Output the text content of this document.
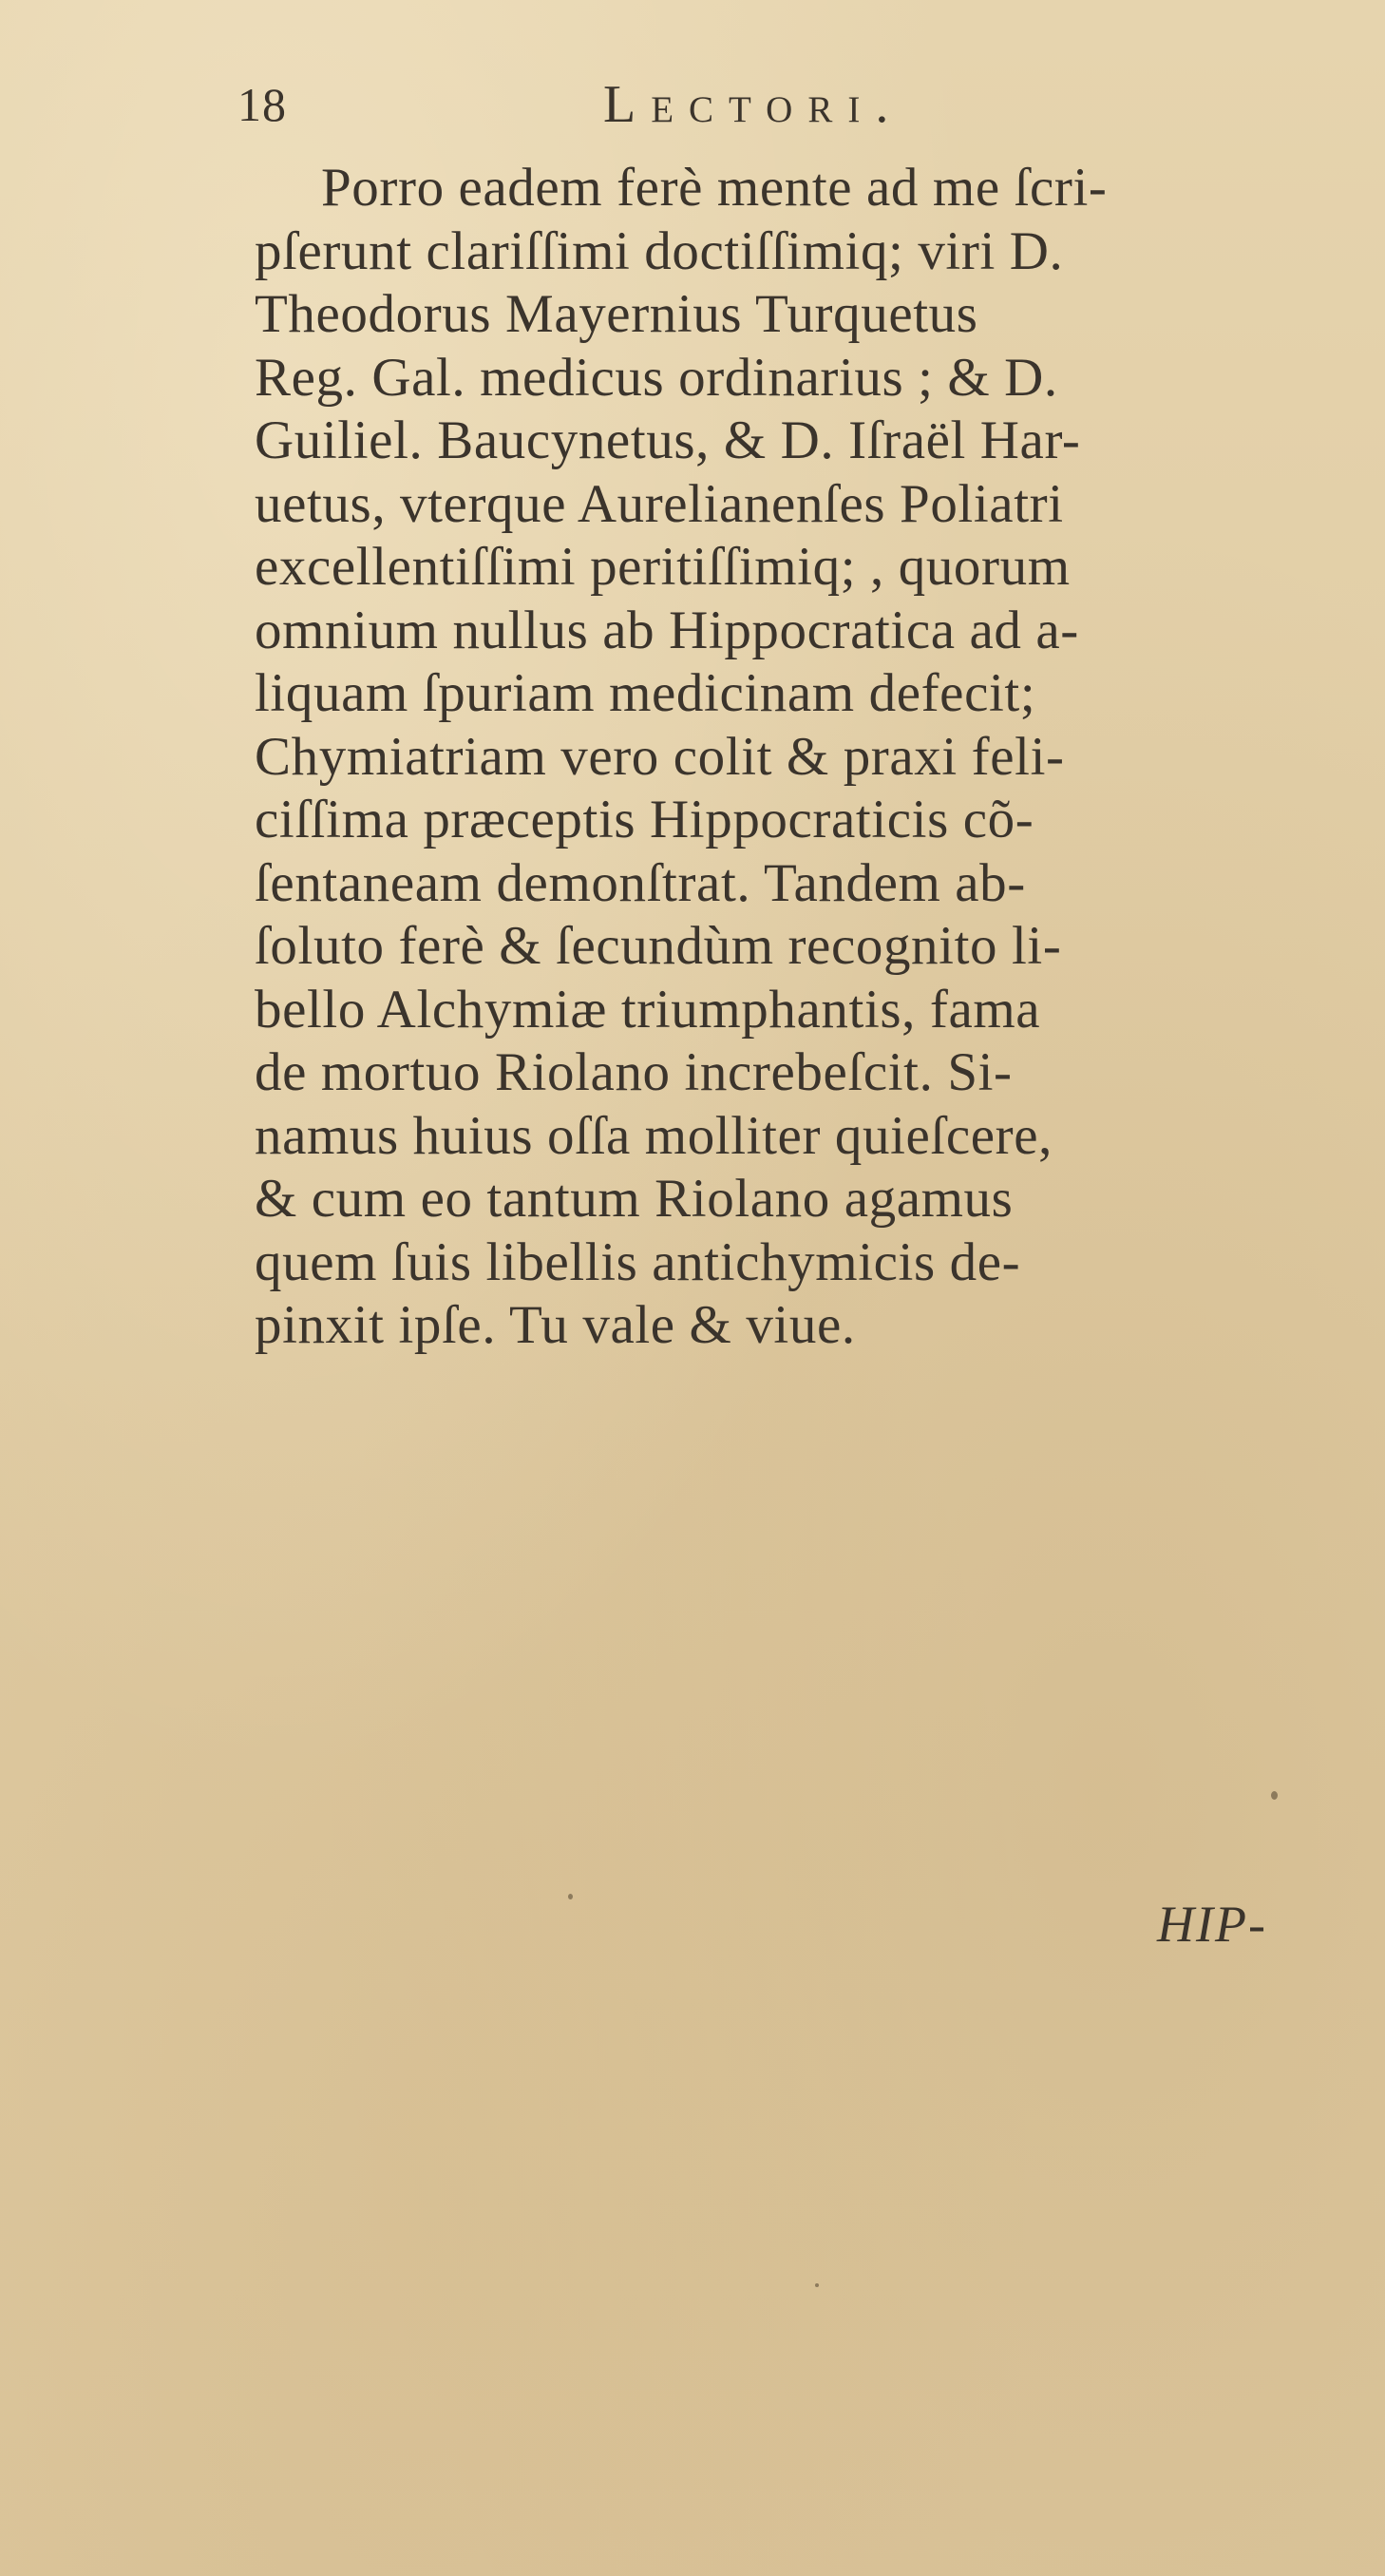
18	Lectori.
Porro eadem ferè mente ad me ſcri-
pſerunt clariſſimi doctiſſimiq; viri D.
Theodorus Mayernius Turquetus
Reg. Gal. medicus ordinarius ; & D.
Guiliel. Baucynetus, & D. Iſraël Har-
uetus, vterque Aurelianenſes Poliatri
excellentiſſimi peritiſſimiq; , quorum
omnium nullus ab Hippocratica ad a-
liquam ſpuriam medicinam defecit;
Chymiatriam vero colit & praxi feli-
ciſſima præceptis Hippocraticis cõ-
ſentaneam demonſtrat. Tandem ab-
ſoluto ferè & ſecundùm recognito li-
bello Alchymiæ triumphantis, fama
de mortuo Riolano increbeſcit. Si-
namus huius oſſa molliter quieſcere,
& cum eo tantum Riolano agamus
quem ſuis libellis antichymicis de-
pinxit ipſe. Tu vale & viue.
HIP-
